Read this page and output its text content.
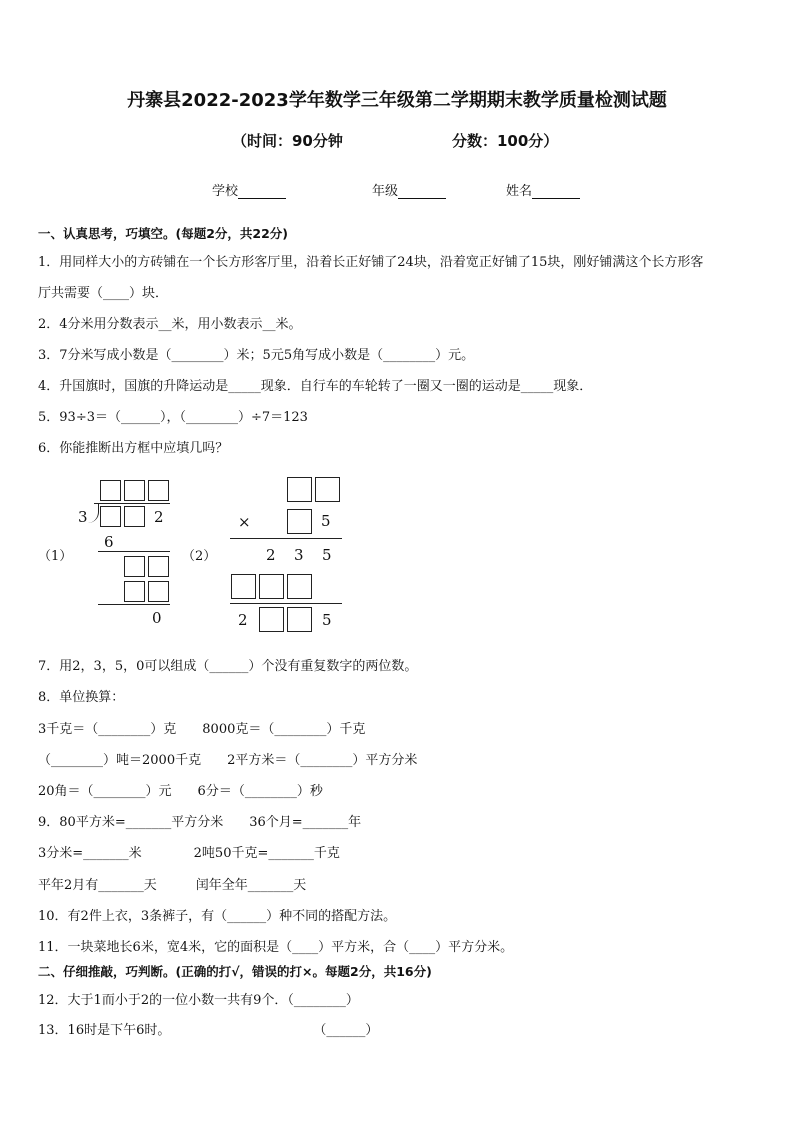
丹寨县2022-2023学年数学三年级第二学期期末教学质量检测试题
（时间：90分钟	分数：100分）
学校	年级	姓名
一、认真思考，巧填空。(每题2分，共22分)
1．用同样大小的方砖铺在一个长方形客厅里，沿着长正好铺了24块，沿着宽正好铺了15块，刚好铺满这个长方形客
厅共需要（____）块．
2．4分米用分数表示__米，用小数表示__米。
3．7分米写成小数是（________）米；5元5角写成小数是（________）元。
4．升国旗时，国旗的升降运动是_____现象．自行车的车轮转了一圈又一圈的运动是_____现象．
5．93÷3＝（______），（________）÷7＝123
6．你能推断出方框中应填几吗？
（1）	（2）
3	2
6
0
×	5
2 3 5
2	5
7．用2，3，5，0可以组成（______）个没有重复数字的两位数。
8．单位换算：
3千克＝（________）克　　8000克＝（________）千克
（________）吨＝2000千克　　2平方米＝（________）平方分米
20角＝（________）元　　6分＝（________）秒
9．80平方米=_______平方分米　　36个月=_______年
3分米=_______米　　　　2吨50千克=_______千克
平年2月有_______天　　　闰年全年_______天
10．有2件上衣，3条裤子，有（______）种不同的搭配方法。
11．一块菜地长6米，宽4米，它的面积是（____）平方米，合（____）平方分米。
二、仔细推敲，巧判断。(正确的打√，错误的打×。每题2分，共16分)
12．大于1而小于2的一位小数一共有9个．（________）
13．16时是下午6时。　　　　　　　　　　　　（______）
